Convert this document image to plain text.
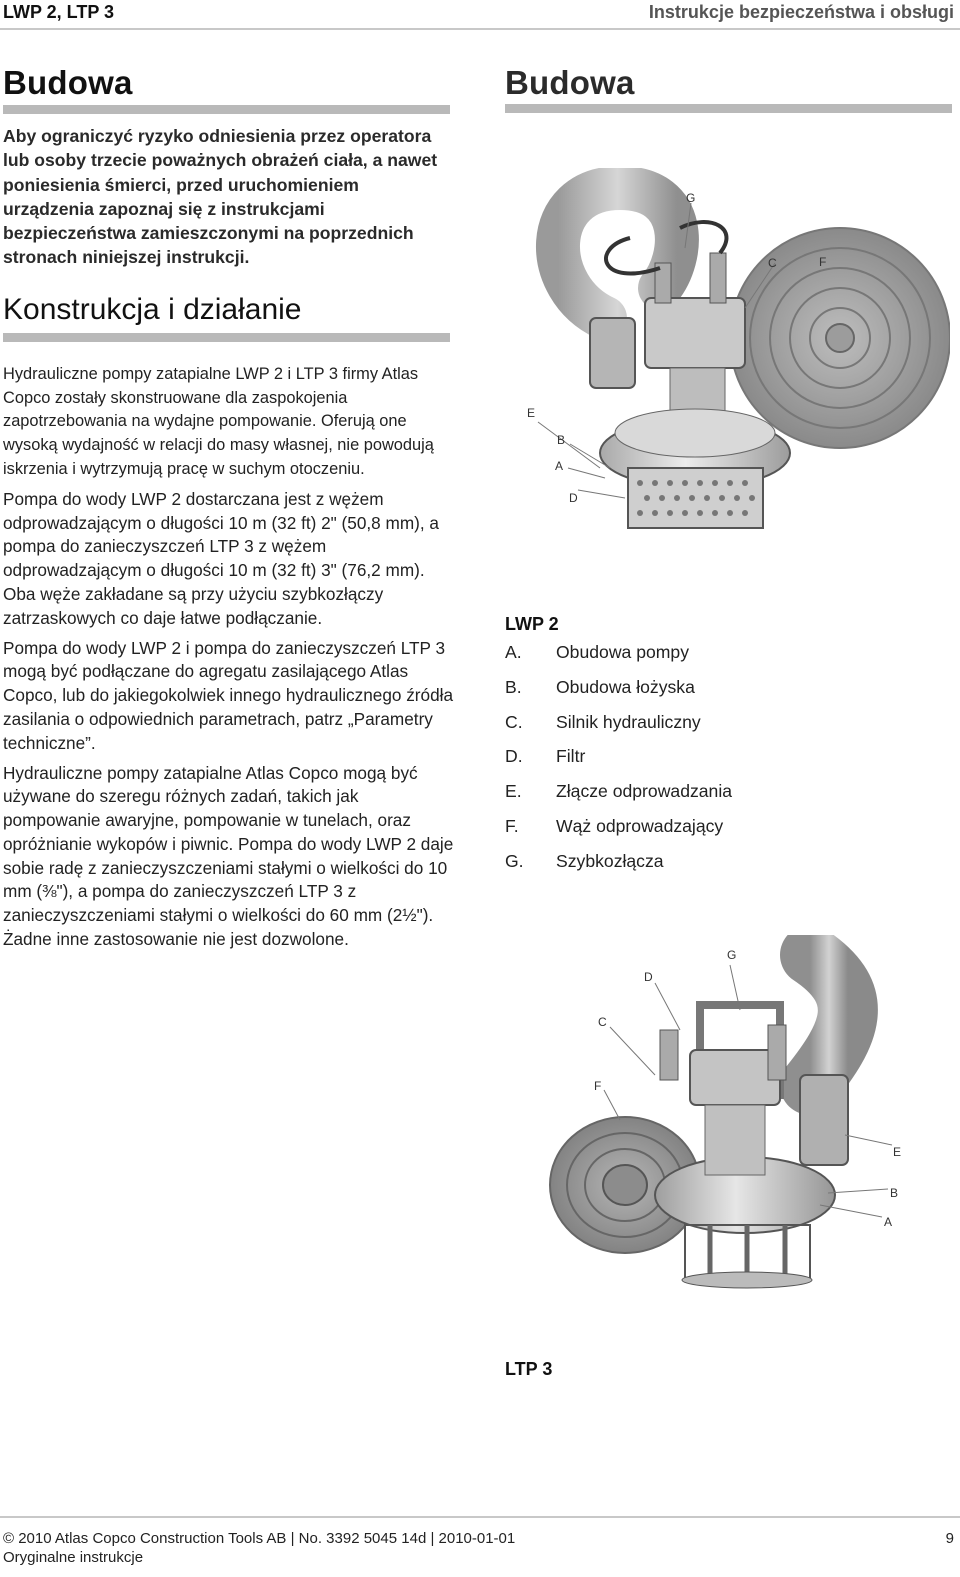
LWP 2, LTP 3	Instrukcje bezpieczeństwa i obsługi
Budowa
Aby ograniczyć ryzyko odniesienia przez operatora lub osoby trzecie poważnych obrażeń ciała, a nawet poniesienia śmierci, przed uruchomieniem urządzenia zapoznaj się z instrukcjami bezpieczeństwa zamieszczonymi na poprzednich stronach niniejszej instrukcji.
Konstrukcja i działanie

Hydrauliczne pompy zatapialne LWP 2 i LTP 3 firmy Atlas Copco zostały skonstruowane dla zaspokojenia zapotrzebowania na wydajne pompowanie. Oferują one wysoką wydajność w relacji do masy własnej, nie powodują iskrzenia i wytrzymują pracę w suchym otoczeniu.

Pompa do wody LWP 2 dostarczana jest z wężem odprowadzającym o długości 10 m (32 ft) 2" (50,8 mm), a pompa do zanieczyszczeń LTP 3 z wężem odprowadzającym o długości 10 m (32 ft) 3" (76,2 mm). Oba węże zakładane są przy użyciu szybkozłączy zatrzaskowych co daje łatwe podłączanie.

Pompa do wody LWP 2 i pompa do zanieczyszczeń LTP 3 mogą być podłączane do agregatu zasilającego Atlas Copco, lub do jakiegokolwiek innego hydraulicznego źródła zasilania o odpowiednich parametrach, patrz „Parametry techniczne”.

Hydrauliczne pompy zatapialne Atlas Copco mogą być używane do szeregu różnych zadań, takich jak pompowanie awaryjne, pompowanie w tunelach, oraz opróżnianie wykopów i piwnic. Pompa do wody LWP 2 daje sobie radę z zanieczyszczeniami stałymi o wielkości do 10 mm (⅜"), a pompa do zanieczyszczeń LTP 3 z zanieczyszczeniami stałymi o wielkości do 60 mm (2½"). Żadne inne zastosowanie nie jest dozwolone.

Budowa
G
C	F
E
B
A
D
LWP 2
A.	Obudowa pompy
B.	Obudowa łożyska
C.	Silnik hydrauliczny
D.	Filtr
E.	Złącze odprowadzania
F.	Wąż odprowadzający
G.	Szybkozłącza
G
D
C
F
E
B
A
LTP 3
© 2010 Atlas Copco Construction Tools AB | No. 3392 5045 14d | 2010-01-01
Oryginalne instrukcje
9
